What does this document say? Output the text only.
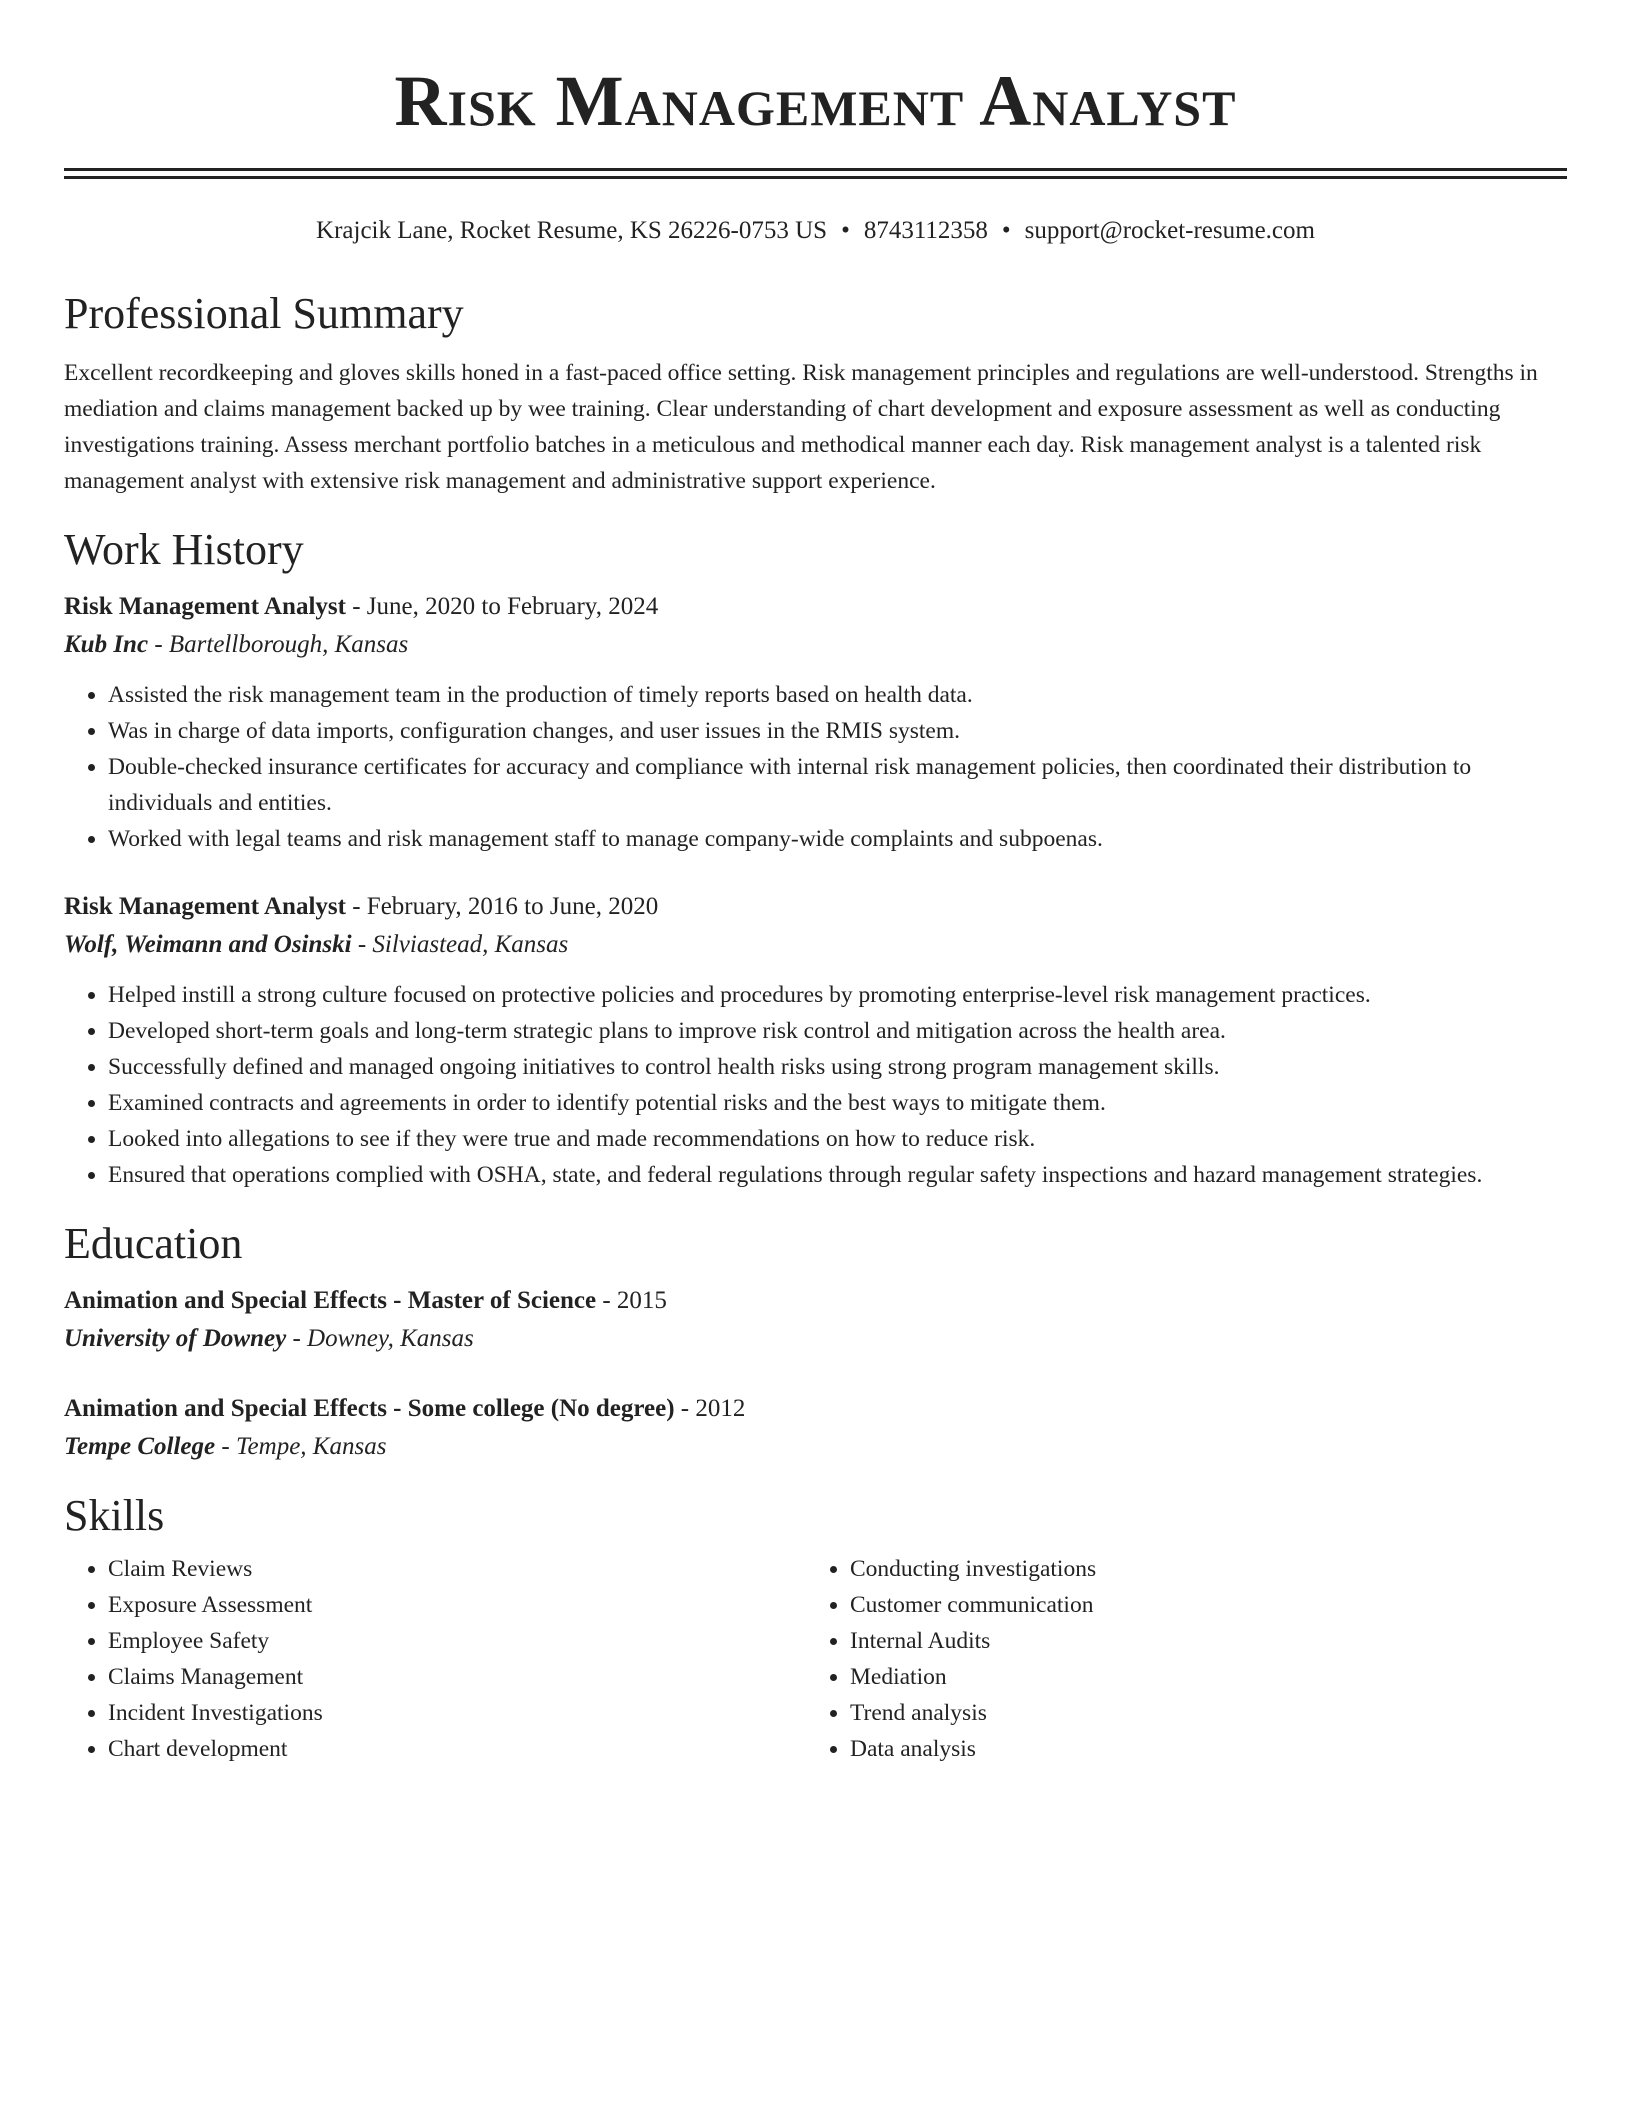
Risk Management Analyst
Krajcik Lane, Rocket Resume, KS 26226-0753 US • 8743112358 • support@rocket-resume.com
Professional Summary
Excellent recordkeeping and gloves skills honed in a fast-paced office setting. Risk management principles and regulations are well-understood. Strengths in mediation and claims management backed up by wee training. Clear understanding of chart development and exposure assessment as well as conducting investigations training. Assess merchant portfolio batches in a meticulous and methodical manner each day. Risk management analyst is a talented risk management analyst with extensive risk management and administrative support experience.
Work History
Risk Management Analyst - June, 2020 to February, 2024
Kub Inc - Bartellborough, Kansas
• Assisted the risk management team in the production of timely reports based on health data.
• Was in charge of data imports, configuration changes, and user issues in the RMIS system.
• Double-checked insurance certificates for accuracy and compliance with internal risk management policies, then coordinated their distribution to individuals and entities.
• Worked with legal teams and risk management staff to manage company-wide complaints and subpoenas.
Risk Management Analyst - February, 2016 to June, 2020
Wolf, Weimann and Osinski - Silviastead, Kansas
• Helped instill a strong culture focused on protective policies and procedures by promoting enterprise-level risk management practices.
• Developed short-term goals and long-term strategic plans to improve risk control and mitigation across the health area.
• Successfully defined and managed ongoing initiatives to control health risks using strong program management skills.
• Examined contracts and agreements in order to identify potential risks and the best ways to mitigate them.
• Looked into allegations to see if they were true and made recommendations on how to reduce risk.
• Ensured that operations complied with OSHA, state, and federal regulations through regular safety inspections and hazard management strategies.
Education
Animation and Special Effects - Master of Science - 2015
University of Downey - Downey, Kansas
Animation and Special Effects - Some college (No degree) - 2012
Tempe College - Tempe, Kansas
Skills
• Claim Reviews
• Exposure Assessment
• Employee Safety
• Claims Management
• Incident Investigations
• Chart development
• Conducting investigations
• Customer communication
• Internal Audits
• Mediation
• Trend analysis
• Data analysis
